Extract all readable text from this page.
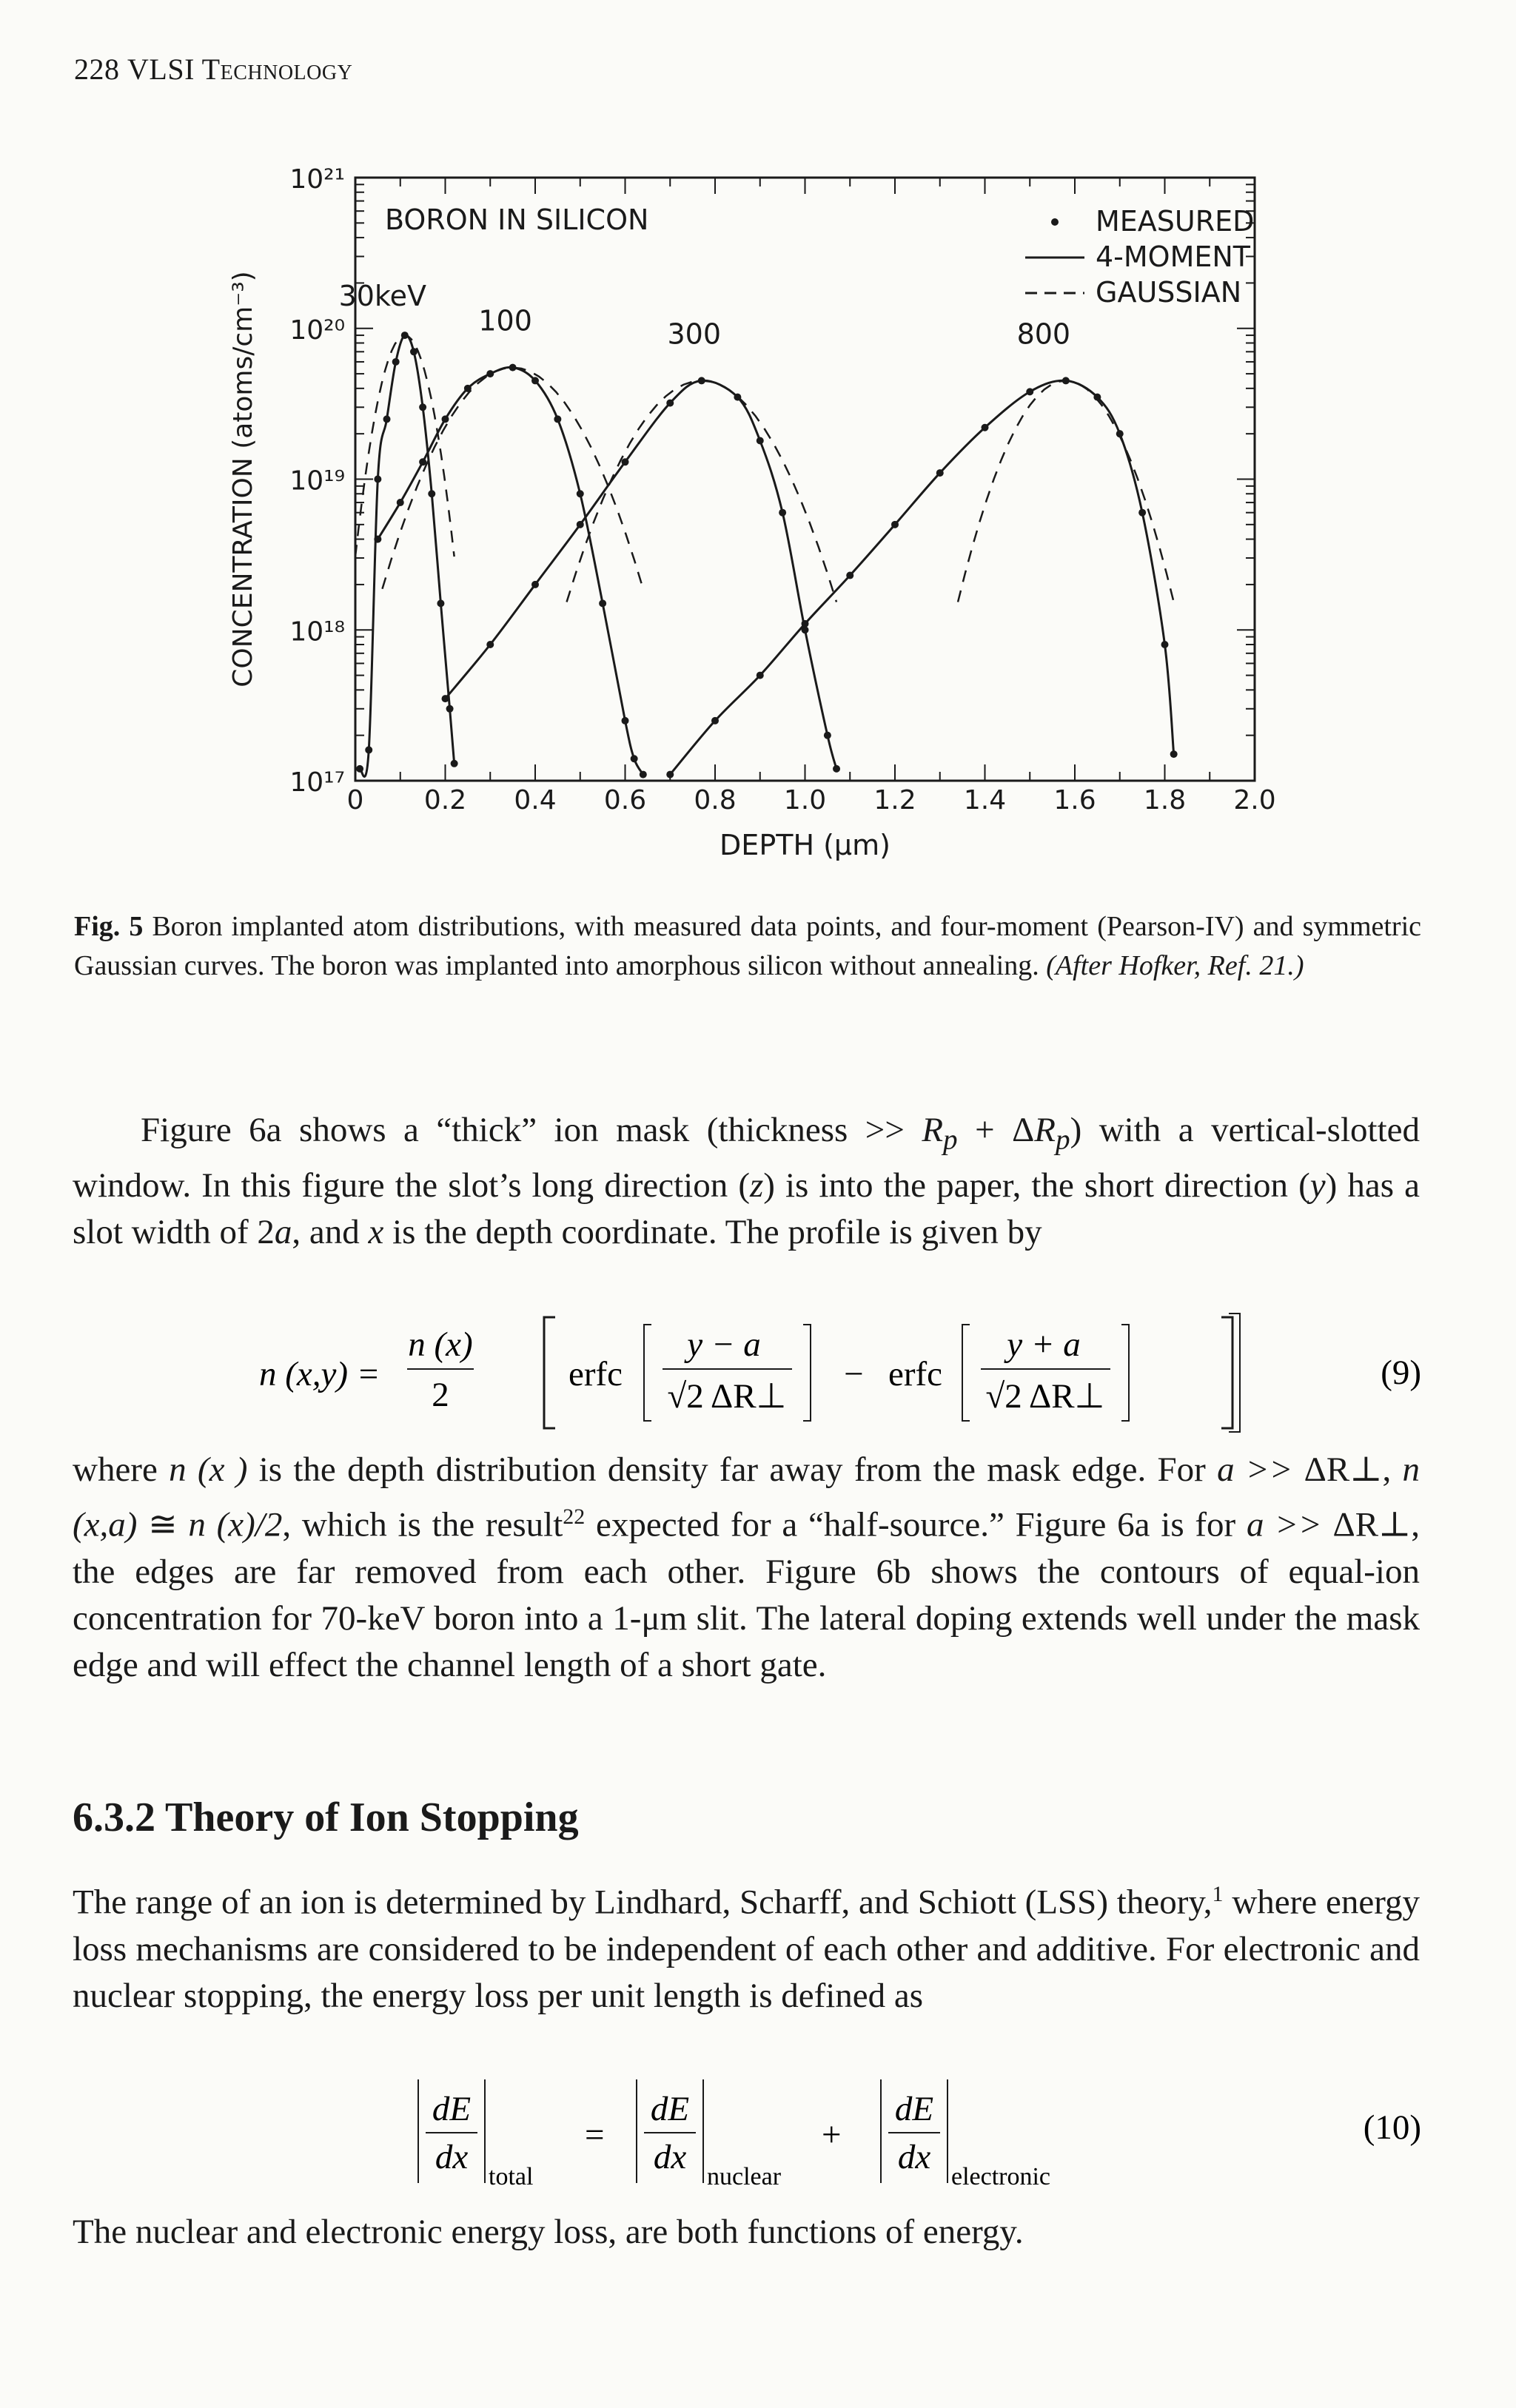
228 VLSI Technology
0 0.2 0.4 0.6 0.8 1.0 1.2 1.4 1.6 1.8 2.0
10¹⁷
10¹⁸
10¹⁹
10²⁰
10²¹
DEPTH (μm)
CONCENTRATION (atoms/cm⁻³)
BORON IN SILICON	MEASURED
4-MOMENT
GAUSSIAN
30keV
100	300	800
Fig. 5 Boron implanted atom distributions, with measured data points, and four-moment (Pearson-IV) and symmetric Gaussian curves. The boron was implanted into amorphous silicon without annealing. (After Hofker, Ref. 21.)
Figure 6a shows a “thick” ion mask (thickness >> $R_p + \Delta R_p$) with a vertical-slotted window. In this figure the slot’s long direction (z) is into the paper, the short direction (y) has a slot width of 2a, and x is the depth coordinate. The profile is given by
n (x,y) =
n (x)
2
erfc
y − a
√2 ΔR⊥
− erfc
y + a
√2 ΔR⊥
(9)
where n (x ) is the depth distribution density far away from the mask edge. For a >> ΔR⊥, n (x,a) ≅ n (x)/2, which is the result$^{22}$ expected for a “half-source.” Figure 6a is for a >> ΔR⊥, the edges are far removed from each other. Figure 6b shows the contours of equal-ion concentration for 70-keV boron into a 1-μm slit. The lateral doping extends well under the mask edge and will effect the channel length of a short gate.
6.3.2 Theory of Ion Stopping
The range of an ion is determined by Lindhard, Scharff, and Schiott (LSS) theory,$^1$ where energy loss mechanisms are considered to be independent of each other and additive. For electronic and nuclear stopping, the energy loss per unit length is defined as
dE
dx
total
=
dE
dx
nuclear
+
dE
dx
electronic
(10)
The nuclear and electronic energy loss, are both functions of energy.
